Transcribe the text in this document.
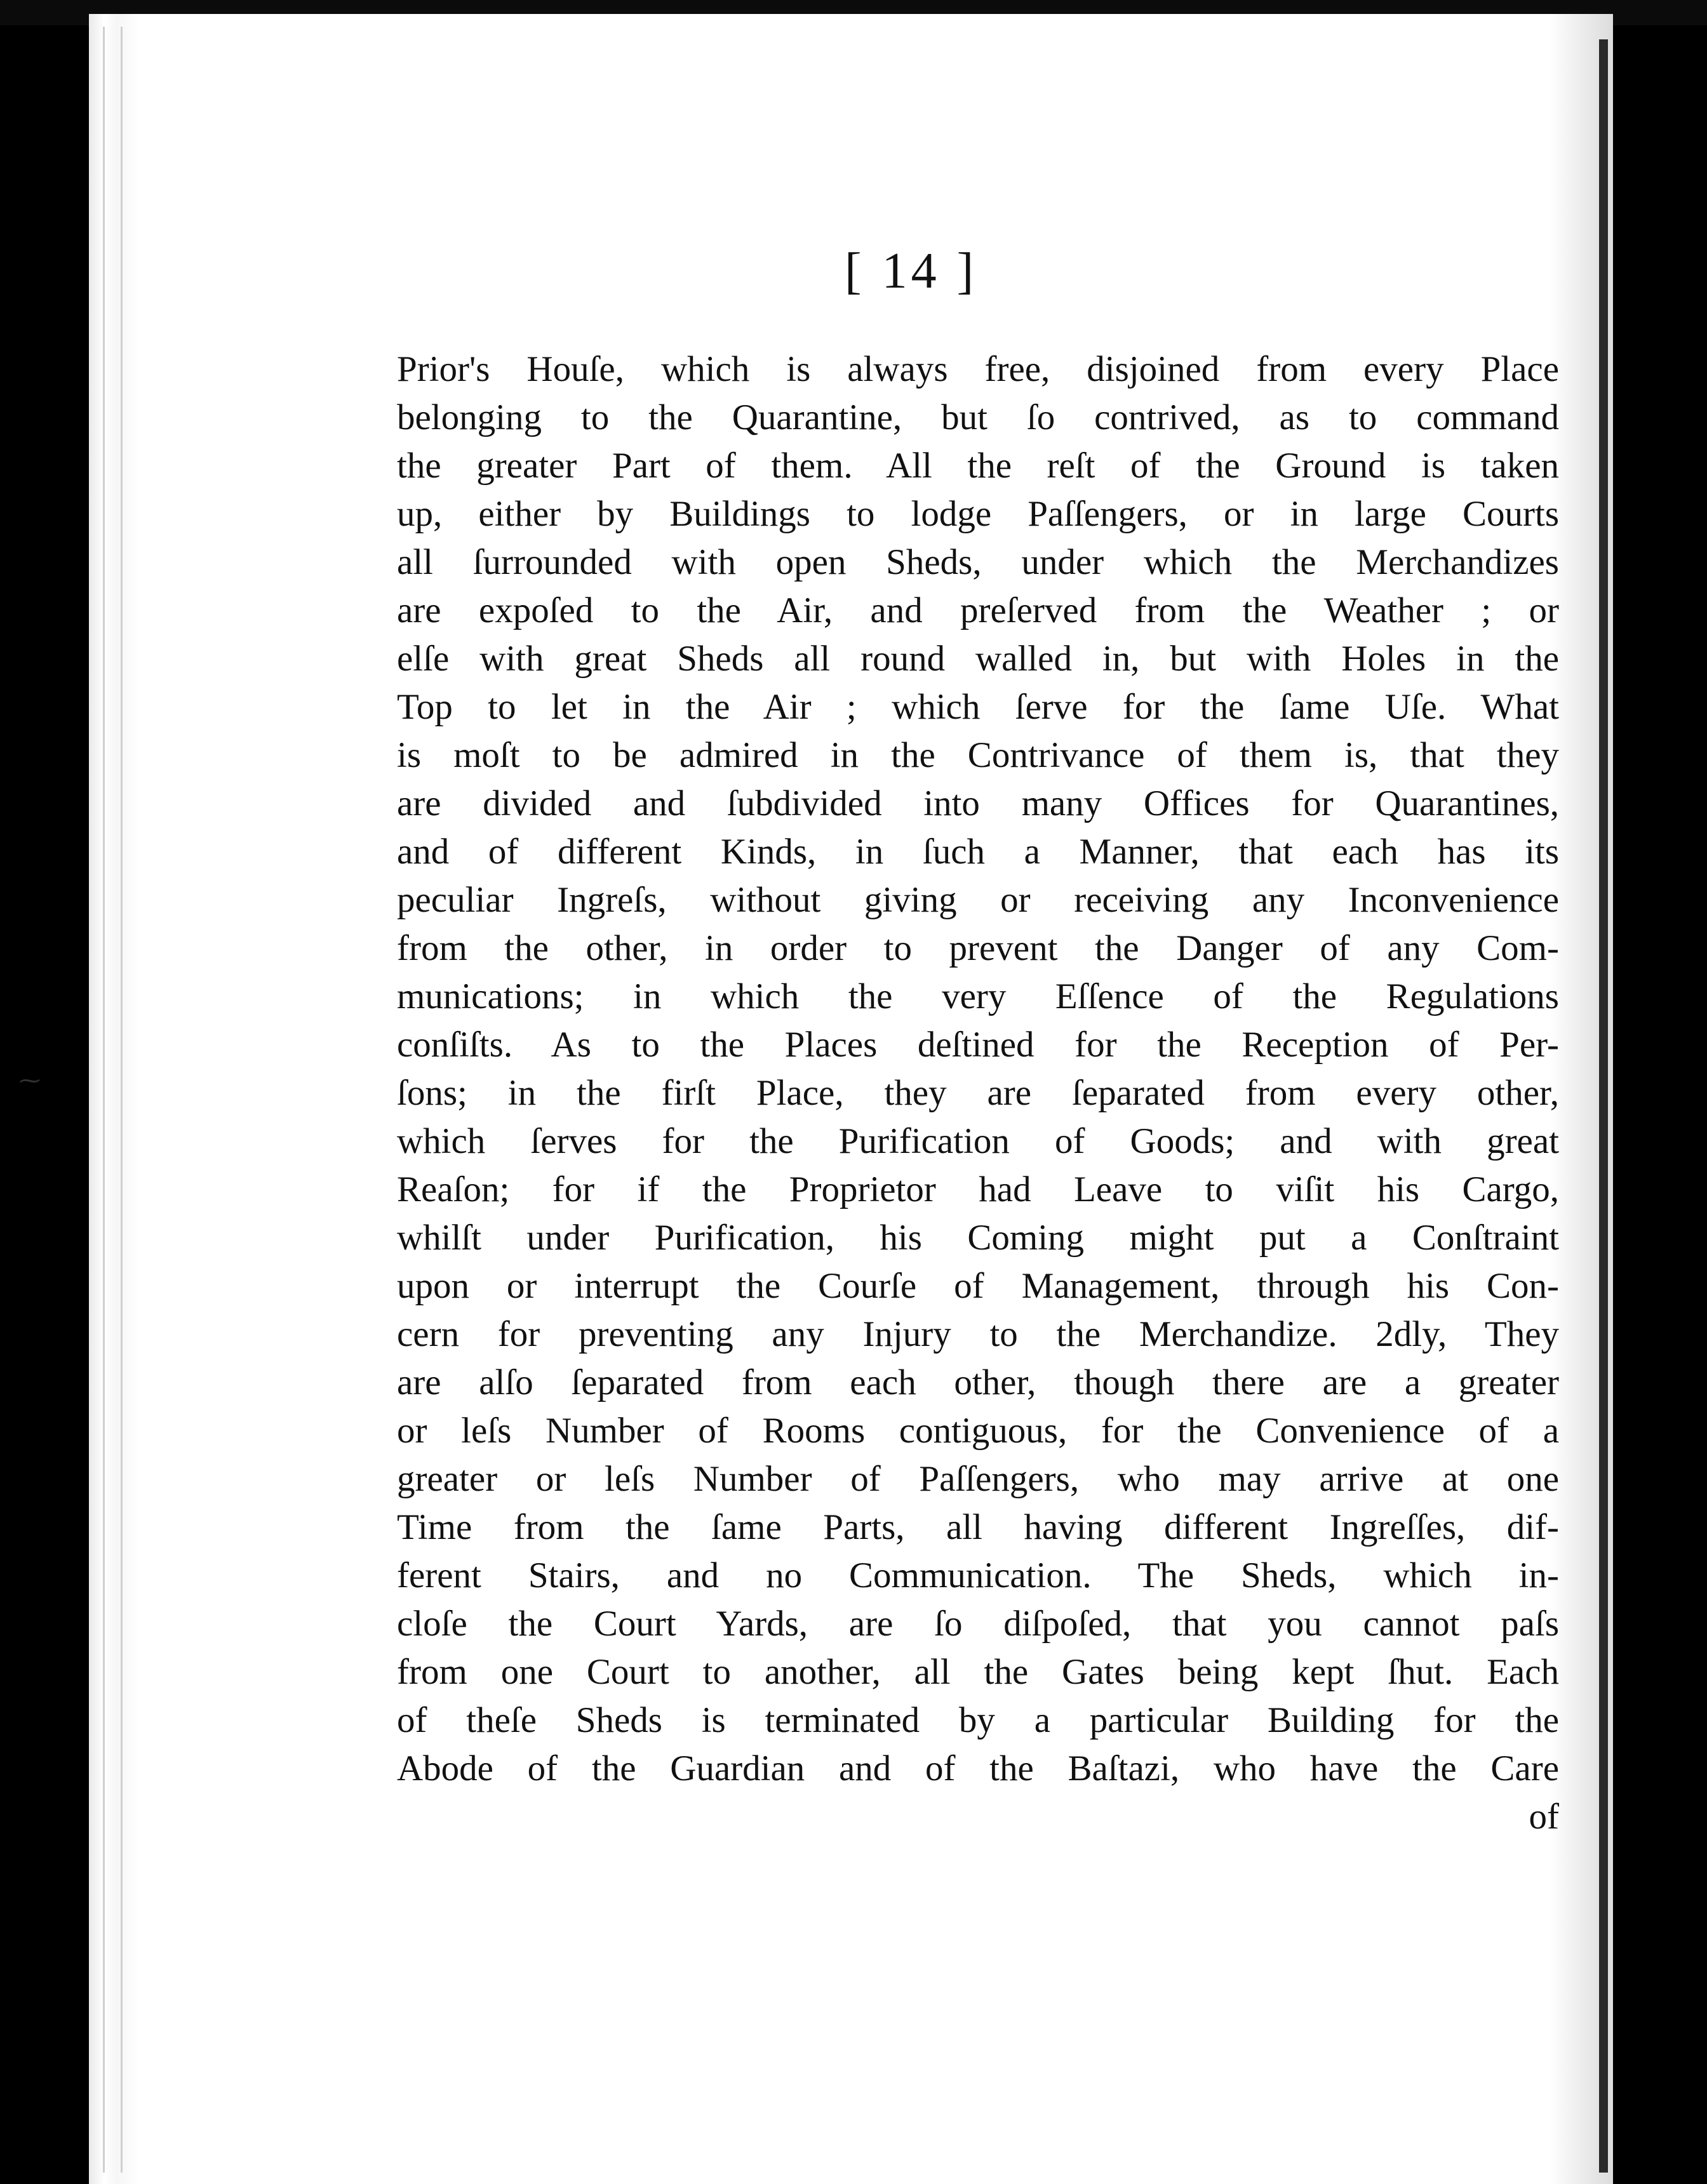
⁓
[ 14 ]
Prior's Houſe, which is always free, disjoined from every Place
belonging to the Quarantine, but ſo contrived, as to command
the greater Part of them. All the reſt of the Ground is taken
up, either by Buildings to lodge Paſſengers, or in large Courts
all ſurrounded with open Sheds, under which the Merchandizes
are expoſed to the Air, and preſerved from the Weather ; or
elſe with great Sheds all round walled in, but with Holes in the
Top to let in the Air ; which ſerve for the ſame Uſe. What
is moſt to be admired in the Contrivance of them is, that they
are divided and ſubdivided into many Offices for Quarantines,
and of different Kinds, in ſuch a Manner, that each has its
peculiar Ingreſs, without giving or receiving any Inconvenience
from the other, in order to prevent the Danger of any Com-
munications; in which the very Eſſence of the Regulations
conſiſts. As to the Places deſtined for the Reception of Per-
ſons; in the firſt Place, they are ſeparated from every other,
which ſerves for the Purification of Goods; and with great
Reaſon; for if the Proprietor had Leave to viſit his Cargo,
whilſt under Purification, his Coming might put a Conſtraint
upon or interrupt the Courſe of Management, through his Con-
cern for preventing any Injury to the Merchandize. 2dly, They
are alſo ſeparated from each other, though there are a greater
or leſs Number of Rooms contiguous, for the Convenience of a
greater or leſs Number of Paſſengers, who may arrive at one
Time from the ſame Parts, all having different Ingreſſes, dif-
ferent Stairs, and no Communication. The Sheds, which in-
cloſe the Court Yards, are ſo diſpoſed, that you cannot paſs
from one Court to another, all the Gates being kept ſhut. Each
of theſe Sheds is terminated by a particular Building for the
Abode of the Guardian and of the Baſtazi, who have the Care
of
